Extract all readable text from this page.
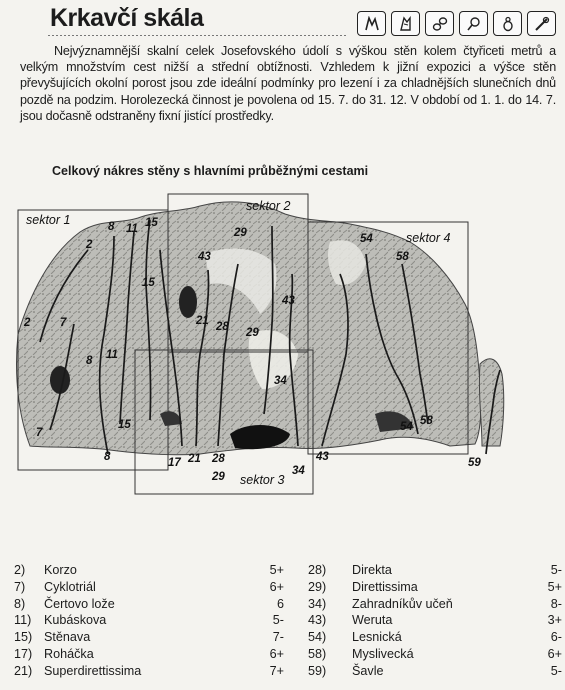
Krkavčí skála
Nejvýznamnější skalní celek Josefovského údolí s výškou stěn kolem čtyřiceti metrů a velkým množstvím cest nižší a střední obtížnosti. Vzhledem k jižní expozici a výšce stěn převyšujících okolní porost jsou zde ideální podmínky pro lezení i za chladnějších slunečních dnů pozdě na podzim. Horolezecká činnost je povolena od 15. 7. do 31. 12. V období od 1. 1. do 14. 7. jsou dočasně odstraněny fixní jistící prostředky.
Celkový nákres stěny s hlavními průběžnými cestami
sektor 1
sektor 2
sektor 3
sektor 4
8 11 15
2
15
29
43
2	7	21 28
8 11
29
43
34
54
58
7
15
17 21 28
29	34
43
54 58
59
8
2)	Korzo	5+
7)	Cyklotriál	6+
8)	Čertovo lože	6
11)	Kubáskova	5-
15) Stěnava	7-
17) Roháčka	6+
21) Superdirettissima	7+
28)	Direkta	5-
29)	Direttissima	5+
34)	Zahradníkův učeň	8-
43)	Weruta	3+
54)	Lesnická	6-
58)	Myslivecká	6+
59)	Šavle	5-
